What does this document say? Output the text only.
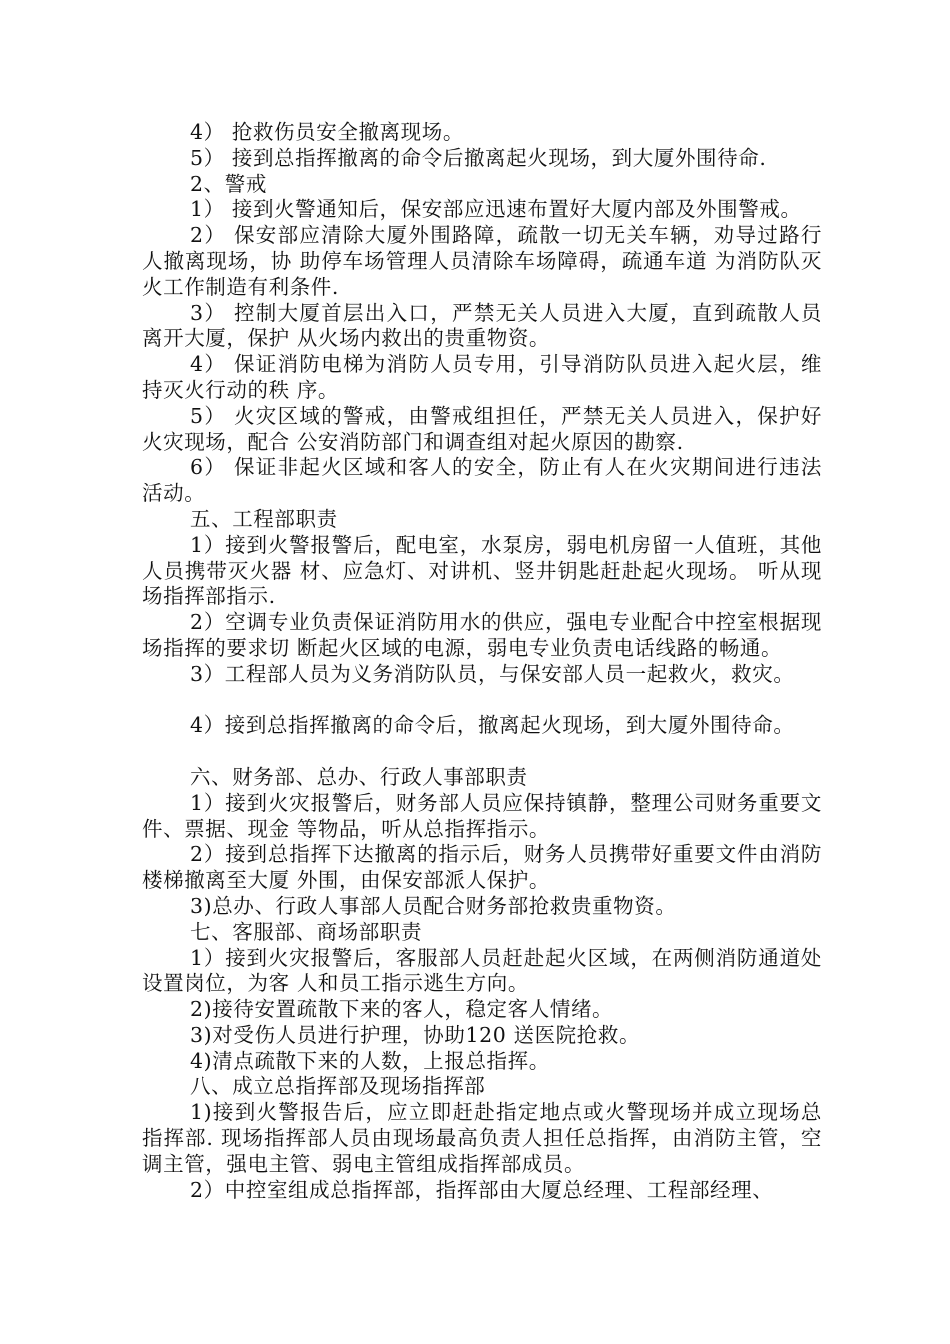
4） 抢救伤员安全撤离现场。

5） 接到总指挥撤离的命令后撤离起火现场，到大厦外围待命.

2、警戒

1） 接到火警通知后，保安部应迅速布置好大厦内部及外围警戒。

2） 保安部应清除大厦外围路障，疏散一切无关车辆，劝导过路行人撤离现场，协 助停车场管理人员清除车场障碍，疏通车道 为消防队灭火工作制造有利条件.

3） 控制大厦首层出入口，严禁无关人员进入大厦，直到疏散人员离开大厦，保护 从火场内救出的贵重物资。

4） 保证消防电梯为消防人员专用，引导消防队员进入起火层，维持灭火行动的秩 序。

5） 火灾区域的警戒，由警戒组担任，严禁无关人员进入，保护好火灾现场，配合 公安消防部门和调查组对起火原因的勘察.

6） 保证非起火区域和客人的安全，防止有人在火灾期间进行违法活动。

五、工程部职责

1）接到火警报警后，配电室，水泵房，弱电机房留一人值班，其他人员携带灭火器 材、应急灯、对讲机、竖井钥匙赶赴起火现场。 听从现场指挥部指示.

2）空调专业负责保证消防用水的供应，强电专业配合中控室根据现场指挥的要求切 断起火区域的电源，弱电专业负责电话线路的畅通。

3）工程部人员为义务消防队员，与保安部人员一起救火，救灾。

4）接到总指挥撤离的命令后，撤离起火现场，到大厦外围待命。

六、财务部、总办、行政人事部职责

1）接到火灾报警后，财务部人员应保持镇静，整理公司财务重要文件、票据、现金 等物品，听从总指挥指示。

2）接到总指挥下达撤离的指示后，财务人员携带好重要文件由消防楼梯撤离至大厦 外围，由保安部派人保护。

3)总办、行政人事部人员配合财务部抢救贵重物资。

七、客服部、商场部职责

1）接到火灾报警后，客服部人员赶赴起火区域，在两侧消防通道处设置岗位，为客 人和员工指示逃生方向。

2)接待安置疏散下来的客人，稳定客人情绪。

3)对受伤人员进行护理，协助120 送医院抢救。

4)清点疏散下来的人数，上报总指挥。

八、成立总指挥部及现场指挥部

1)接到火警报告后，应立即赶赴指定地点或火警现场并成立现场总指挥部. 现场指挥部人员由现场最高负责人担任总指挥，由消防主管，空调主管，强电主管、弱电主管组成指挥部成员。

2）中控室组成总指挥部，指挥部由大厦总经理、工程部经理、
